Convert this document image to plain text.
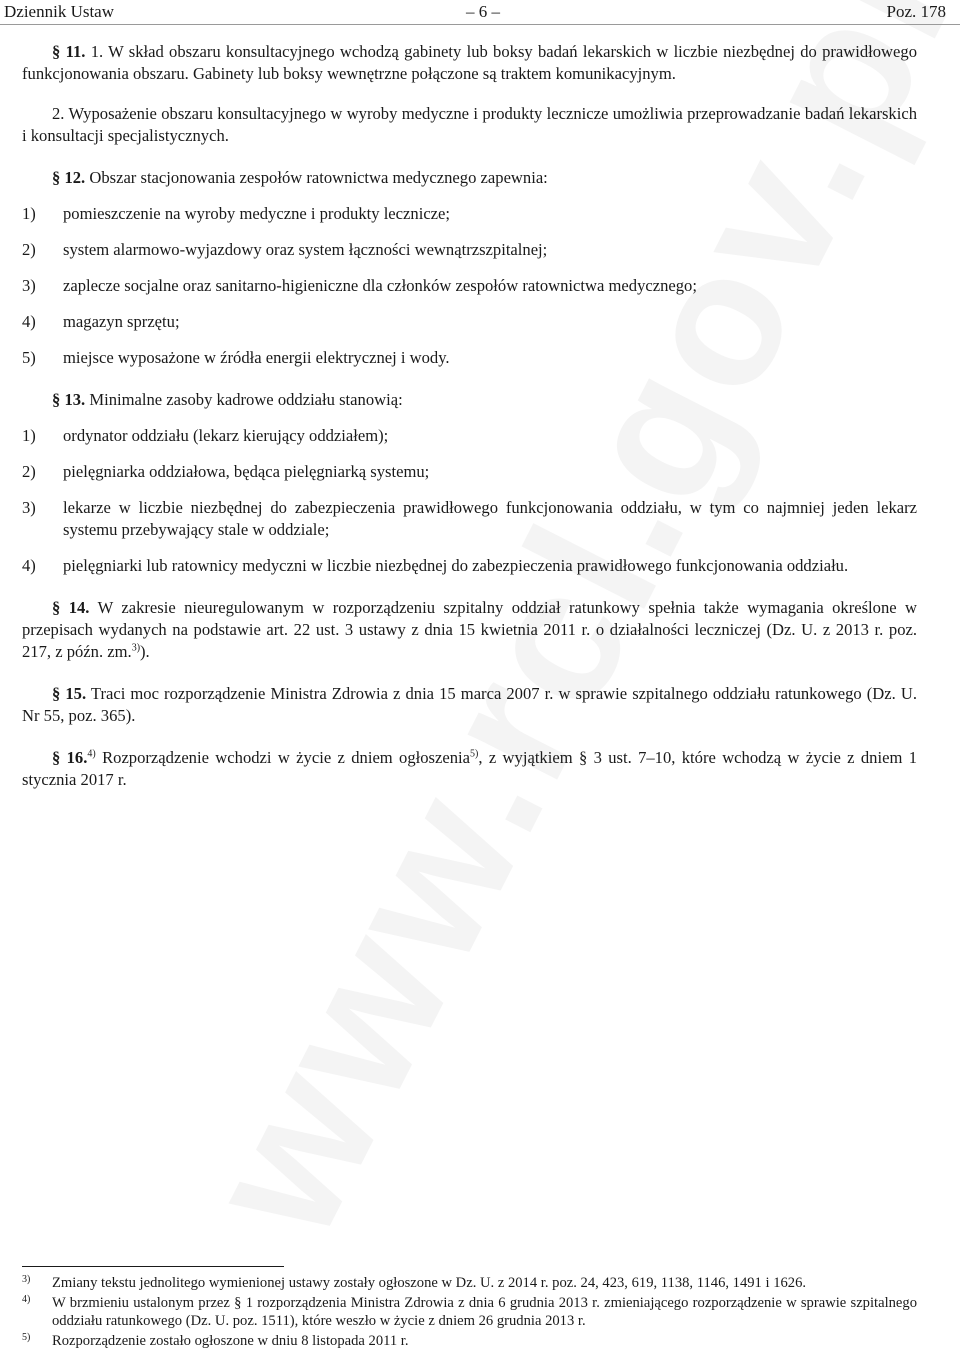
Dziennik Ustaw	– 6 –	Poz. 178

§ 11. 1. W skład obszaru konsultacyjnego wchodzą gabinety lub boksy badań lekarskich w liczbie niezbędnej do prawidłowego funkcjonowania obszaru. Gabinety lub boksy wewnętrzne połączone są traktem komunikacyjnym.

2. Wyposażenie obszaru konsultacyjnego w wyroby medyczne i produkty lecznicze umożliwia przeprowadzanie badań lekarskich i konsultacji specjalistycznych.

§ 12. Obszar stacjonowania zespołów ratownictwa medycznego zapewnia:

1)	pomieszczenie na wyroby medyczne i produkty lecznicze;
2)	system alarmowo-wyjazdowy oraz system łączności wewnątrzszpitalnej;
3)	zaplecze socjalne oraz sanitarno-higieniczne dla członków zespołów ratownictwa medycznego;
4)	magazyn sprzętu;
5)	miejsce wyposażone w źródła energii elektrycznej i wody.

§ 13. Minimalne zasoby kadrowe oddziału stanowią:

1)	ordynator oddziału (lekarz kierujący oddziałem);
2)	pielęgniarka oddziałowa, będąca pielęgniarką systemu;
3)	lekarze w liczbie niezbędnej do zabezpieczenia prawidłowego funkcjonowania oddziału, w tym co najmniej jeden lekarz systemu przebywający stale w oddziale;
4)	pielęgniarki lub ratownicy medyczni w liczbie niezbędnej do zabezpieczenia prawidłowego funkcjonowania oddziału.

§ 14. W zakresie nieuregulowanym w rozporządzeniu szpitalny oddział ratunkowy spełnia także wymagania określone w przepisach wydanych na podstawie art. 22 ust. 3 ustawy z dnia 15 kwietnia 2011 r. o działalności leczniczej (Dz. U. z 2013 r. poz. 217, z późn. zm.$^{3)}$).

§ 15. Traci moc rozporządzenie Ministra Zdrowia z dnia 15 marca 2007 r. w sprawie szpitalnego oddziału ratunkowego (Dz. U. Nr 55, poz. 365).

§ 16.$^{4)}$ Rozporządzenie wchodzi w życie z dniem ogłoszenia$^{5)}$, z wyjątkiem § 3 ust. 7–10, które wchodzą w życie z dniem 1 stycznia 2017 r.

3)	Zmiany tekstu jednolitego wymienionej ustawy zostały ogłoszone w Dz. U. z 2014 r. poz. 24, 423, 619, 1138, 1146, 1491 i 1626.
4)	W brzmieniu ustalonym przez § 1 rozporządzenia Ministra Zdrowia z dnia 6 grudnia 2013 r. zmieniającego rozporządzenie w sprawie szpitalnego oddziału ratunkowego (Dz. U. poz. 1511), które weszło w życie z dniem 26 grudnia 2013 r.
5)	Rozporządzenie zostało ogłoszone w dniu 8 listopada 2011 r.
